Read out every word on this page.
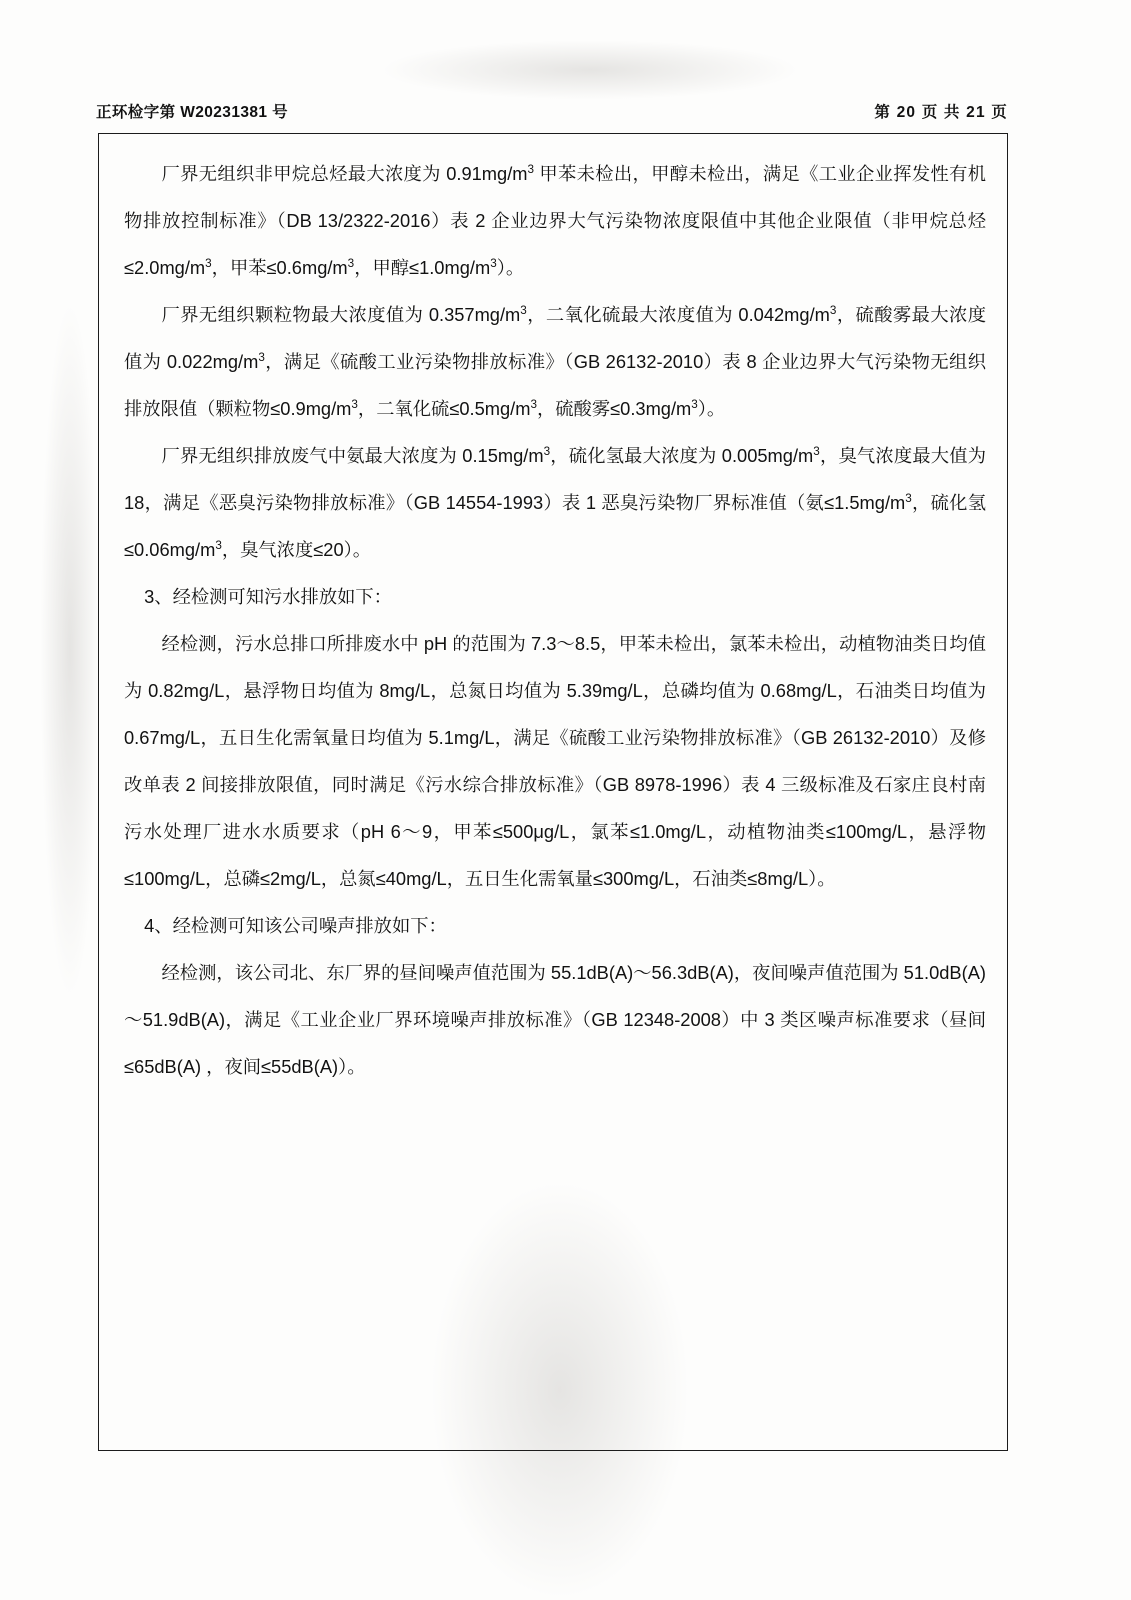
正环检字第 W20231381 号	第 20 页 共 21 页

厂界无组织非甲烷总烃最大浓度为 $0.91mg/m^3$ 甲苯未检出，甲醇未检出，满足《工业企业挥发性有机物排放控制标准》（DB 13/2322-2016）表 2 企业边界大气污染物浓度限值中其他企业限值（非甲烷总烃$\le 2.0mg/m^3$，甲苯$\le 0.6mg/m^3$，甲醇$\le 1.0mg/m^3$）。

厂界无组织颗粒物最大浓度值为 $0.357mg/m^3$，二氧化硫最大浓度值为 $0.042mg/m^3$，硫酸雾最大浓度值为 $0.022mg/m^3$，满足《硫酸工业污染物排放标准》（GB 26132-2010）表 8 企业边界大气污染物无组织排放限值（颗粒物$\le 0.9mg/m^3$，二氧化硫$\le 0.5mg/m^3$，硫酸雾$\le 0.3mg/m^3$）。

厂界无组织排放废气中氨最大浓度为 $0.15mg/m^3$，硫化氢最大浓度为 $0.005mg/m^3$，臭气浓度最大值为 18，满足《恶臭污染物排放标准》（GB 14554-1993）表 1 恶臭污染物厂界标准值（氨$\le 1.5mg/m^3$，硫化氢$\le 0.06mg/m^3$，臭气浓度≤20）。

3、经检测可知污水排放如下：

经检测，污水总排口所排废水中 pH 的范围为 7.3～8.5，甲苯未检出，氯苯未检出，动植物油类日均值为 0.82mg/L，悬浮物日均值为 8mg/L，总氮日均值为 5.39mg/L，总磷均值为 0.68mg/L，石油类日均值为 0.67mg/L，五日生化需氧量日均值为 5.1mg/L，满足《硫酸工业污染物排放标准》（GB 26132-2010）及修改单表 2 间接排放限值，同时满足《污水综合排放标准》（GB 8978-1996）表 4 三级标准及石家庄良村南污水处理厂进水水质要求（pH 6～9，甲苯≤500μg/L，氯苯≤1.0mg/L，动植物油类≤100mg/L，悬浮物≤100mg/L，总磷≤2mg/L，总氮≤40mg/L，五日生化需氧量≤300mg/L，石油类≤8mg/L）。

4、经检测可知该公司噪声排放如下：

经检测，该公司北、东厂界的昼间噪声值范围为 55.1dB(A)～56.3dB(A)，夜间噪声值范围为 51.0dB(A)～51.9dB(A)，满足《工业企业厂界环境噪声排放标准》（GB 12348-2008）中 3 类区噪声标准要求（昼间≤65dB(A) ，夜间≤55dB(A)）。
